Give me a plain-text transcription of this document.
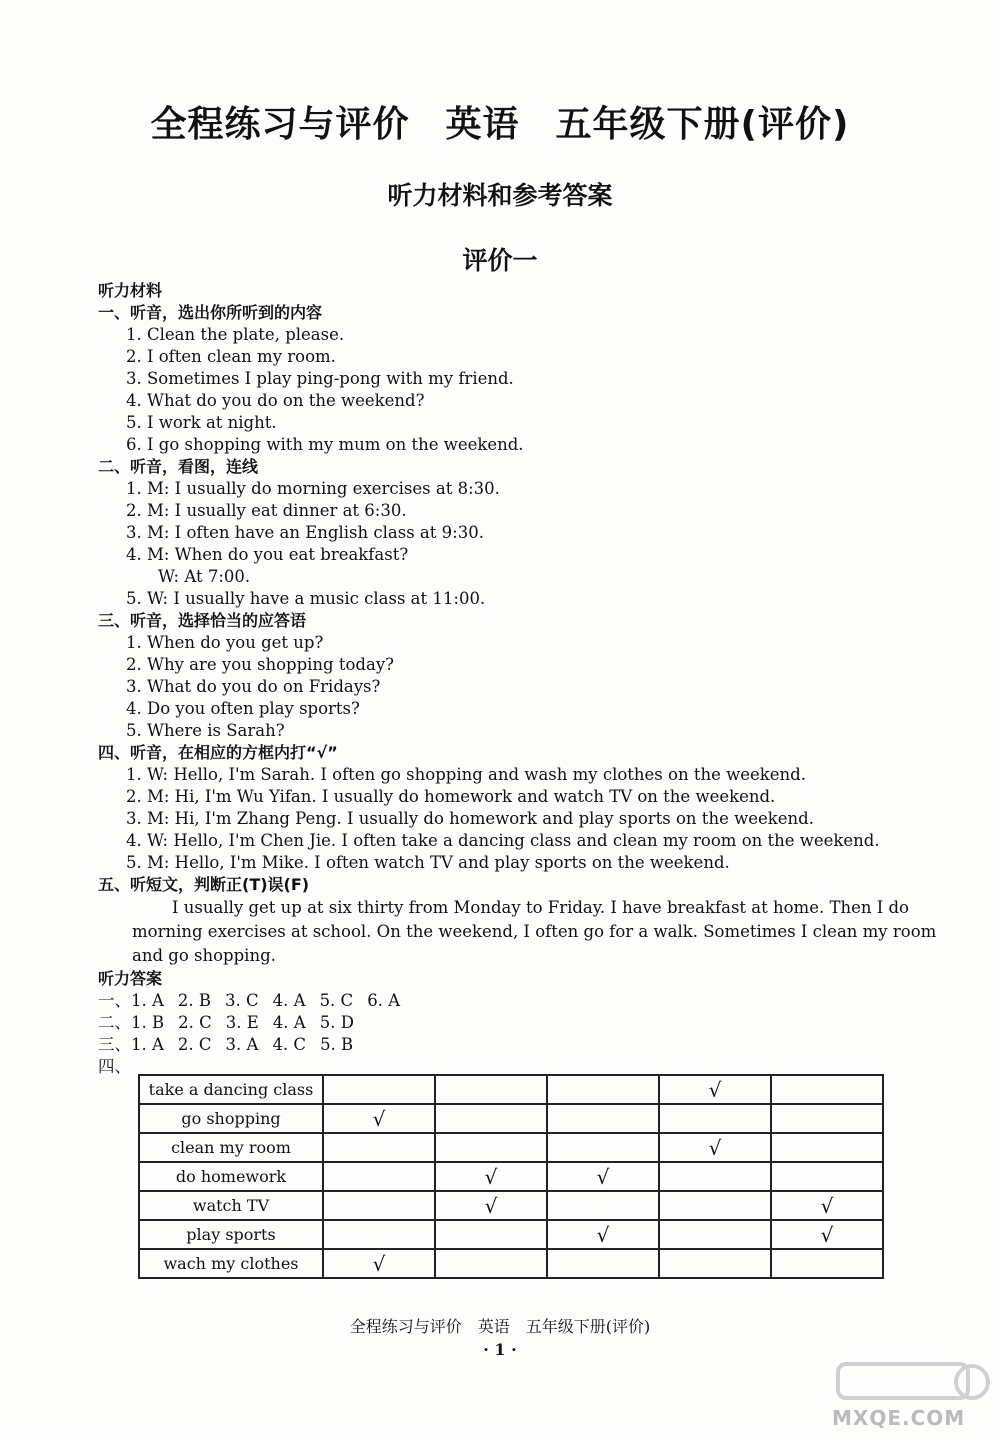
全程练习与评价 英语 五年级下册(评价)
听力材料和参考答案
评价一
听力材料
一、听音，选出你所听到的内容
1. Clean the plate, please.
2. I often clean my room.
3. Sometimes I play ping-pong with my friend.
4. What do you do on the weekend?
5. I work at night.
6. I go shopping with my mum on the weekend.
二、听音，看图，连线
1. M: I usually do morning exercises at 8:30.
2. M: I usually eat dinner at 6:30.
3. M: I often have an English class at 9:30.
4. M: When do you eat breakfast?
W: At 7:00.
5. W: I usually have a music class at 11:00.
三、听音，选择恰当的应答语
1. When do you get up?
2. Why are you shopping today?
3. What do you do on Fridays?
4. Do you often play sports?
5. Where is Sarah?
四、听音，在相应的方框内打“√”
1. W: Hello, I'm Sarah. I often go shopping and wash my clothes on the weekend.
2. M: Hi, I'm Wu Yifan. I usually do homework and watch TV on the weekend.
3. M: Hi, I'm Zhang Peng. I usually do homework and play sports on the weekend.
4. W: Hello, I'm Chen Jie. I often take a dancing class and clean my room on the weekend.
5. M: Hello, I'm Mike. I often watch TV and play sports on the weekend.
五、听短文，判断正(T)误(F)
I usually get up at six thirty from Monday to Friday. I have breakfast at home. Then I do morning exercises at school. On the weekend, I often go for a walk. Sometimes I clean my room and go shopping.
听力答案
一、1. A 2. B 3. C 4. A 5. C 6. A
二、1. B 2. C 3. E 4. A 5. D
三、1. A 2. C 3. A 4. C 5. B
四、
take a dancing class				√	
go shopping	√				
clean my room				√	
do homework		√	√		
watch TV		√			√
play sports			√		√
wach my clothes	√				
全程练习与评价 英语 五年级下册(评价)
· 1 ·
MXQE.COM
